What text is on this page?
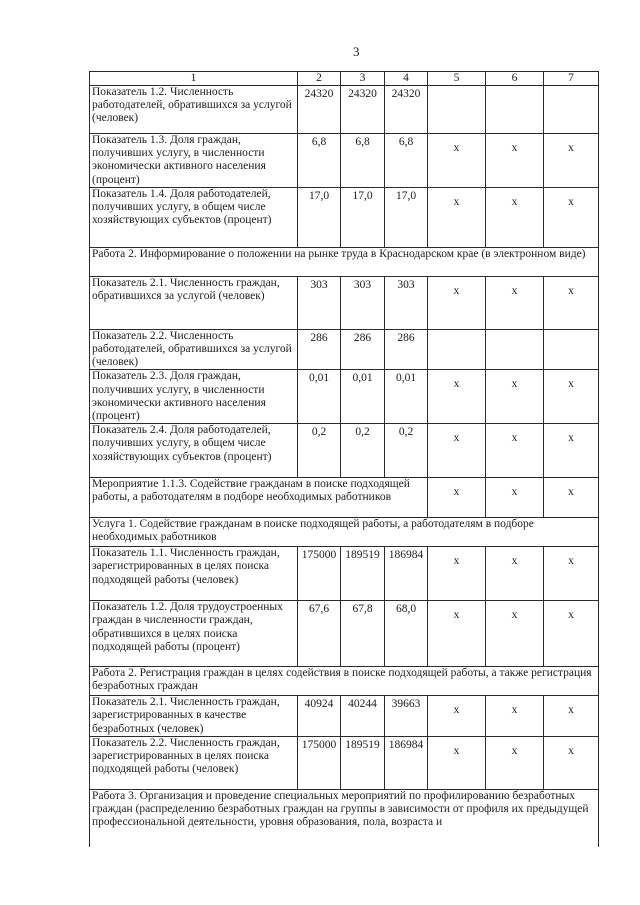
3
1	2	3	4	5	6	7
Показатель 1.2. Численность работодателей, обратившихся за услугой (человек)	24320	24320	24320			
Показатель 1.3. Доля граждан, получивших услугу, в численности экономически активного населения (процент)	6,8	6,8	6,8	x	x	x
Показатель 1.4. Доля работодателей, получивших услугу, в общем числе хозяйствующих субъектов (процент)	17,0	17,0	17,0	x	x	x
Работа 2. Информирование о положении на рынке труда в Краснодарском крае (в электронном виде)						
Показатель 2.1. Численность граждан, обратившихся за услугой (человек)	303	303	303	x	x	x
Показатель 2.2. Численность работодателей, обратившихся за услугой (человек)	286	286	286			
Показатель 2.3. Доля граждан, получивших услугу, в численности экономически активного населения (процент)	0,01	0,01	0,01	x	x	x
Показатель 2.4. Доля работодателей, получивших услугу, в общем числе хозяйствующих субъектов (процент)	0,2	0,2	0,2	x	x	x
Мероприятие 1.1.3. Содействие гражданам в поиске подходящей работы, а работодателям в подборе необходимых работников				x	x	x
Услуга 1. Содействие гражданам в поиске подходящей работы, а работодателям в подборе необходимых работников						
Показатель 1.1. Численность граждан, зарегистрированных в целях поиска подходящей работы (человек)	175000	189519	186984	x	x	x
Показатель 1.2. Доля трудоустроенных граждан в численности граждан, обратившихся в целях поиска подходящей работы (процент)	67,6	67,8	68,0	x	x	x
Работа 2. Регистрация граждан в целях содействия в поиске подходящей работы, а также регистрация безработных граждан						
Показатель 2.1. Численность граждан, зарегистрированных в качестве безработных (человек)	40924	40244	39663	x	x	x
Показатель 2.2. Численность граждан, зарегистрированных в целях поиска подходящей работы (человек)	175000	189519	186984	x	x	x
Работа 3. Организация и проведение специальных мероприятий по профилированию безработных граждан (распределению безработных граждан на группы в зависимости от профиля их предыдущей профессиональной деятельности, уровня образования, пола, возраста и						
